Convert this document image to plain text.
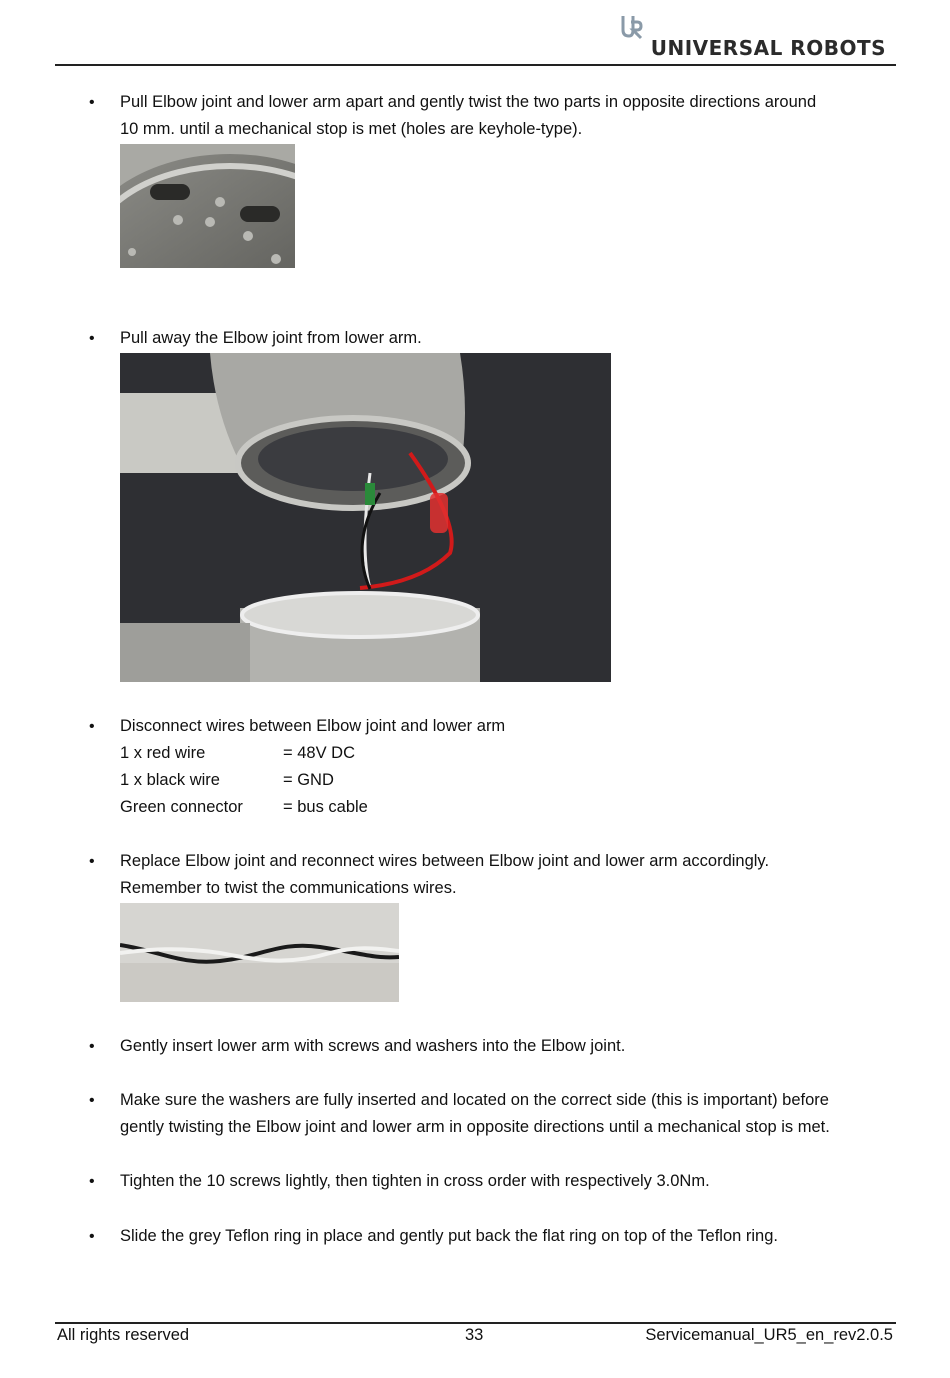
UNIVERSAL ROBOTS
• Pull Elbow joint and lower arm apart and gently twist the two parts in opposite directions around
10 mm. until a mechanical stop is met (holes are keyhole-type).
• Pull away the Elbow joint from lower arm.
• Disconnect wires between Elbow joint and lower arm
1 x red wire	= 48V DC
1 x black wire	= GND
Green connector = bus cable
• Replace Elbow joint and reconnect wires between Elbow joint and lower arm accordingly.
Remember to twist the communications wires.
• Gently insert lower arm with screws and washers into the Elbow joint.
• Make sure the washers are fully inserted and located on the correct side (this is important) before
gently twisting the Elbow joint and lower arm in opposite directions until a mechanical stop is met.
• Tighten the 10 screws lightly, then tighten in cross order with respectively 3.0Nm.
• Slide the grey Teflon ring in place and gently put back the flat ring on top of the Teflon ring.
All rights reserved	33	Servicemanual_UR5_en_rev2.0.5
